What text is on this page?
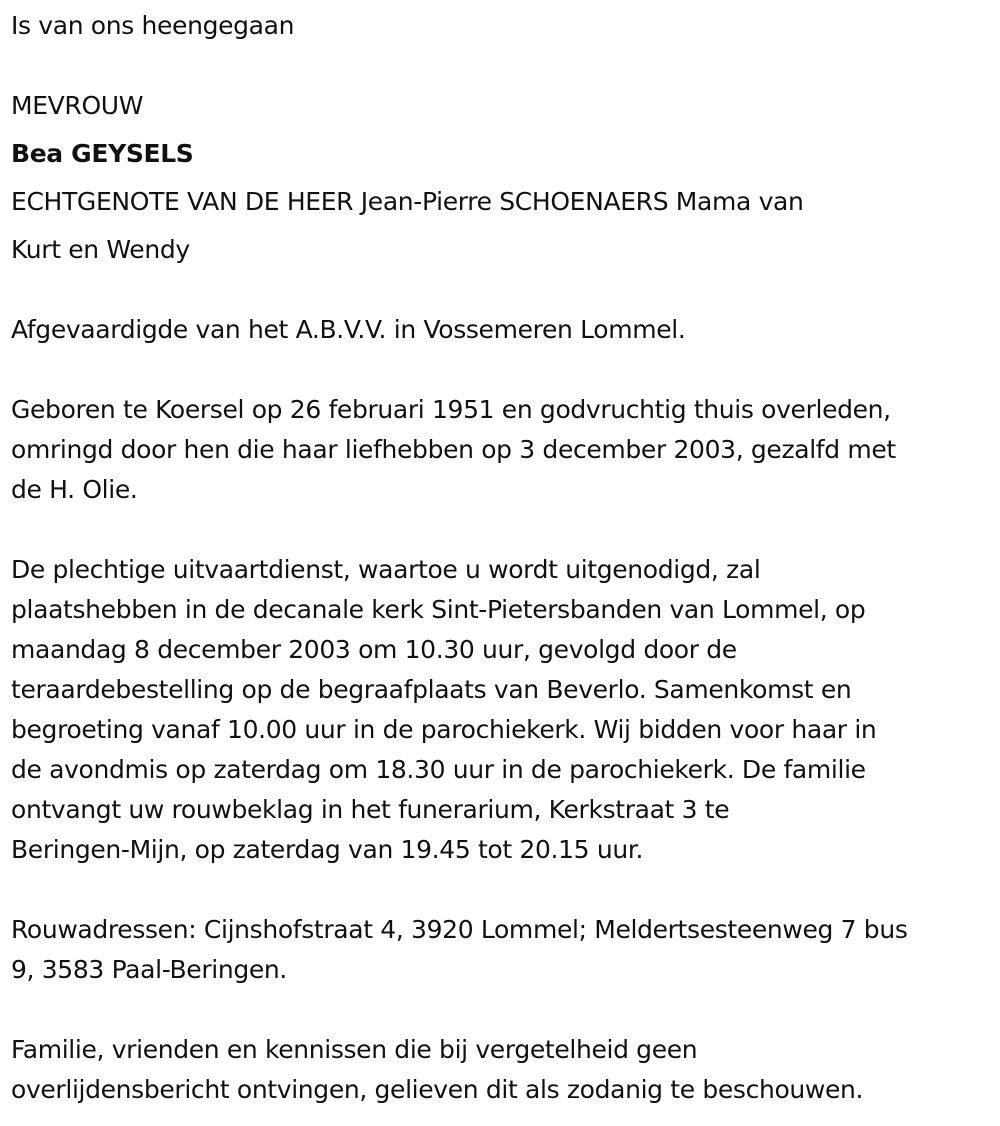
Is van ons heengegaan
MEVROUW
Bea GEYSELS
ECHTGENOTE VAN DE HEER Jean-Pierre SCHOENAERS Mama van
Kurt en Wendy
Afgevaardigde van het A.B.V.V. in Vossemeren Lommel.
Geboren te Koersel op 26 februari 1951 en godvruchtig thuis overleden,
omringd door hen die haar liefhebben op 3 december 2003, gezalfd met
de H. Olie.
De plechtige uitvaartdienst, waartoe u wordt uitgenodigd, zal
plaatshebben in de decanale kerk Sint-Pietersbanden van Lommel, op
maandag 8 december 2003 om 10.30 uur, gevolgd door de
teraardebestelling op de begraafplaats van Beverlo. Samenkomst en
begroeting vanaf 10.00 uur in de parochiekerk. Wij bidden voor haar in
de avondmis op zaterdag om 18.30 uur in de parochiekerk. De familie
ontvangt uw rouwbeklag in het funerarium, Kerkstraat 3 te
Beringen-Mijn, op zaterdag van 19.45 tot 20.15 uur.
Rouwadressen: Cijnshofstraat 4, 3920 Lommel; Meldertsesteenweg 7 bus
9, 3583 Paal-Beringen.
Familie, vrienden en kennissen die bij vergetelheid geen
overlijdensbericht ontvingen, gelieven dit als zodanig te beschouwen.
